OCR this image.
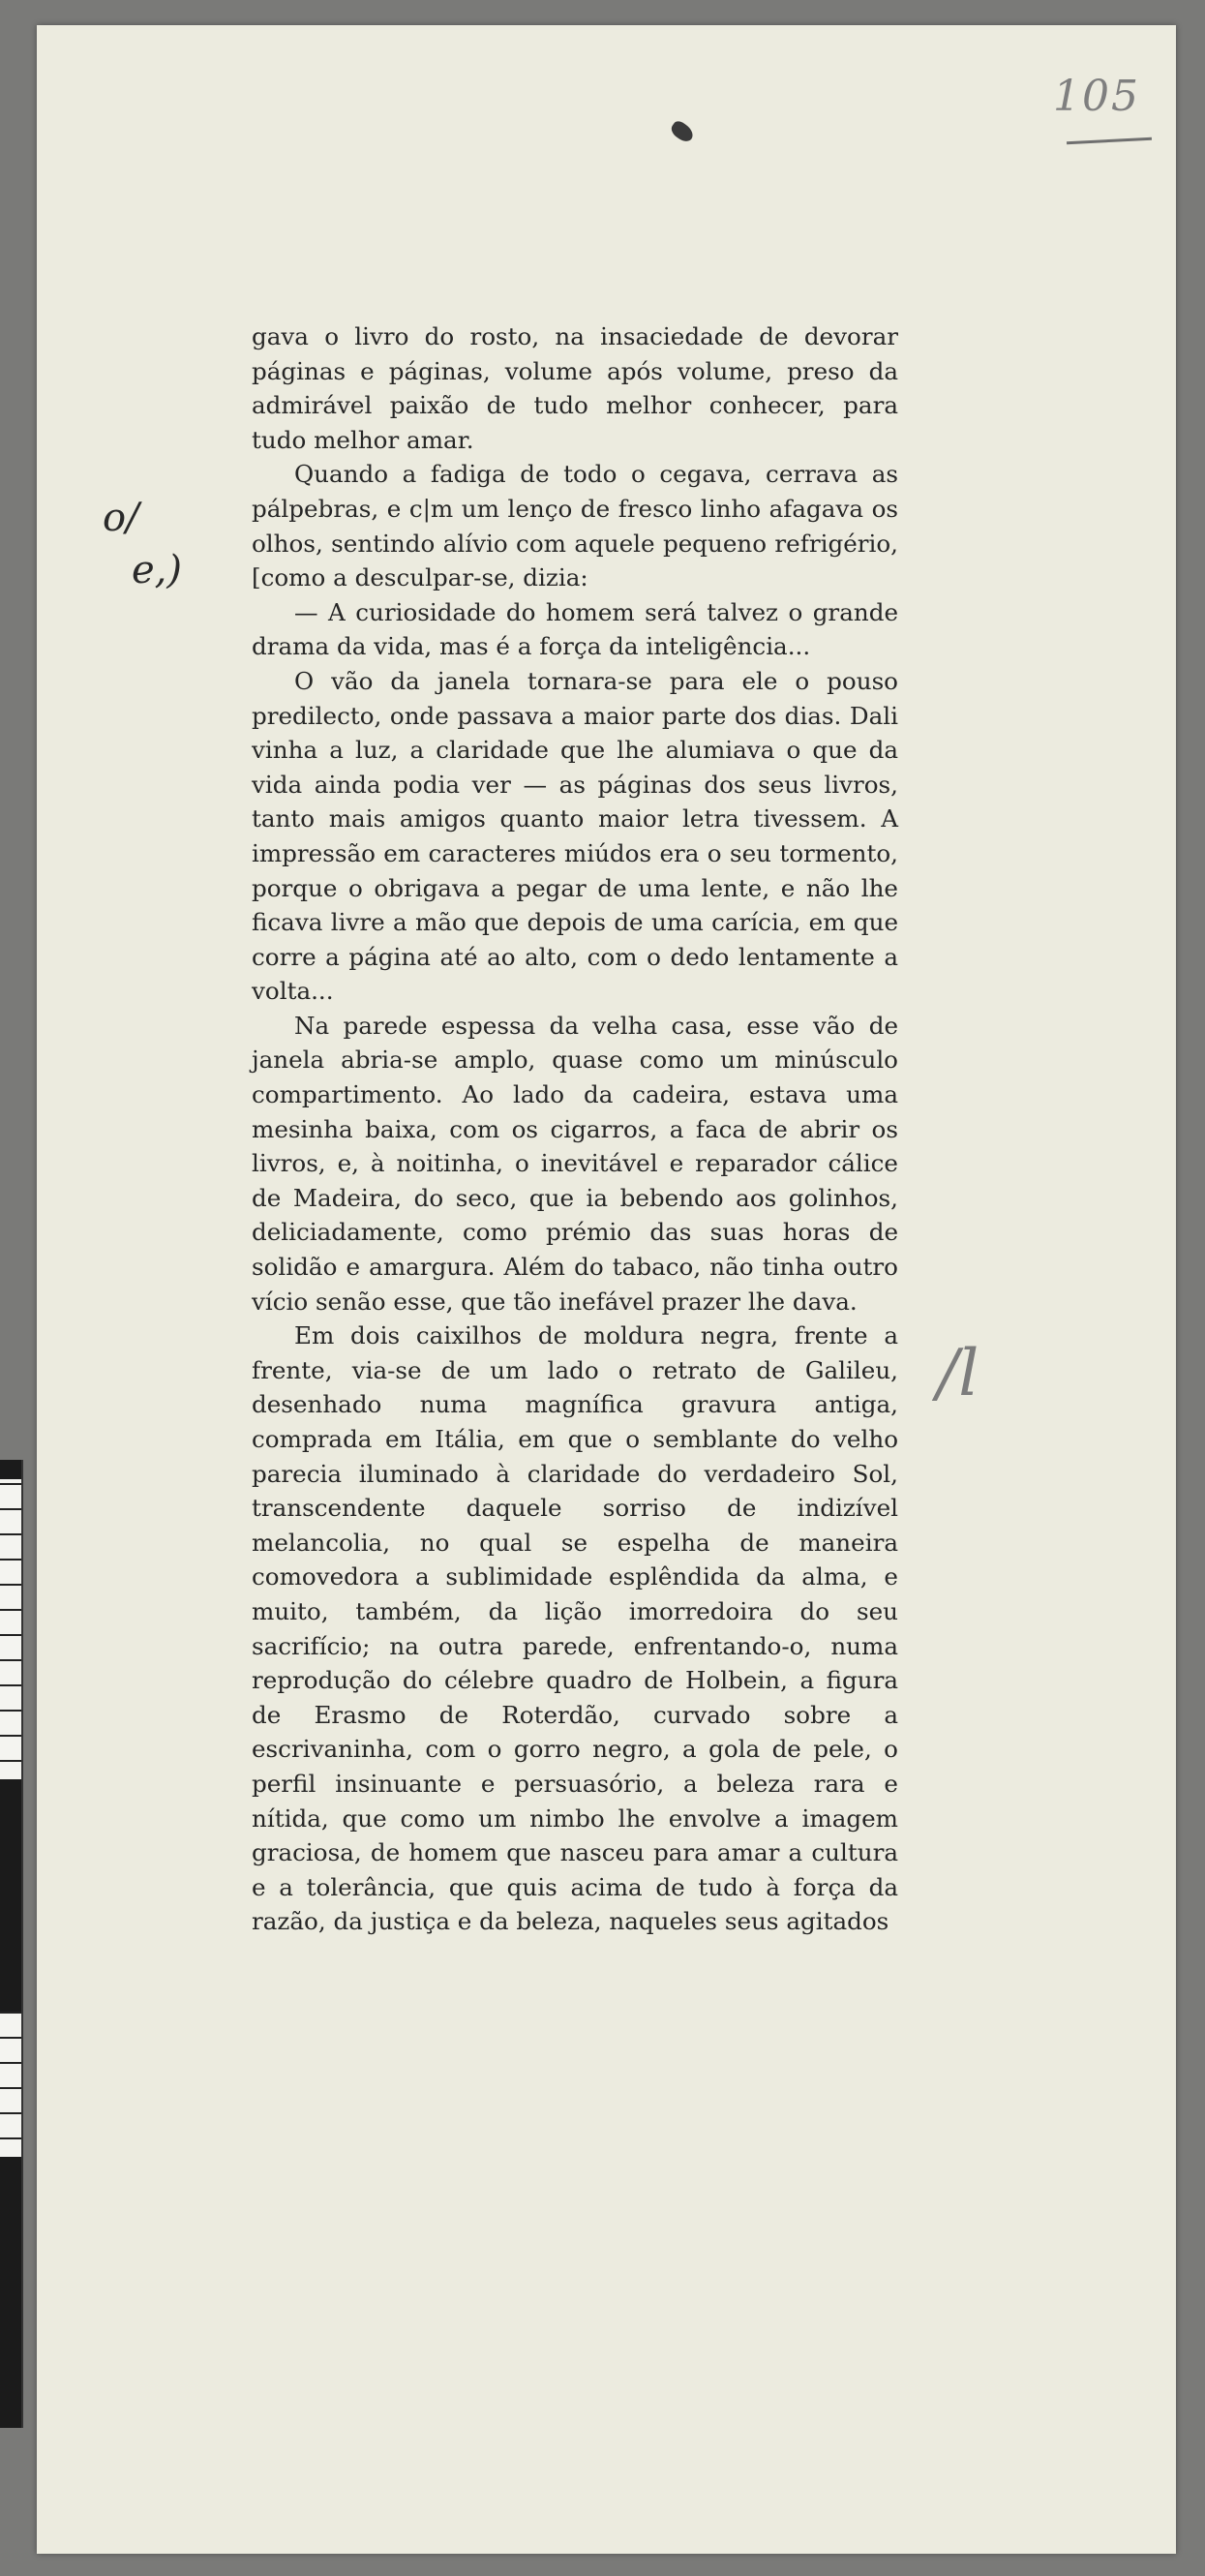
105
o/
e,)
/l

gava o livro do rosto, na insaciedade de devorar páginas e páginas, volume após volume, preso da admirável paixão de tudo melhor conhecer, para tudo melhor amar.

Quando a fadiga de todo o cegava, cerrava as pálpebras, e c|m um lenço de fresco linho afagava os olhos, sentindo alívio com aquele pequeno refrigério, [como a desculpar-se, dizia:

— A curiosidade do homem será talvez o grande drama da vida, mas é a força da inteligência...

O vão da janela tornara-se para ele o pouso predilecto, onde passava a maior parte dos dias. Dali vinha a luz, a claridade que lhe alumiava o que da vida ainda podia ver — as páginas dos seus livros, tanto mais amigos quanto maior letra tivessem. A impressão em caracteres miúdos era o seu tormento, porque o obrigava a pegar de uma lente, e não lhe ficava livre a mão que depois de uma carícia, em que corre a página até ao alto, com o dedo lentamente a volta...

Na parede espessa da velha casa, esse vão de janela abria-se amplo, quase como um minúsculo compartimento. Ao lado da cadeira, estava uma mesinha baixa, com os cigarros, a faca de abrir os livros, e, à noitinha, o inevitável e reparador cálice de Madeira, do seco, que ia bebendo aos golinhos, deliciadamente, como prémio das suas horas de solidão e amargura. Além do tabaco, não tinha outro vício senão esse, que tão inefável prazer lhe dava.

Em dois caixilhos de moldura negra, frente a frente, via-se de um lado o retrato de Galileu, desenhado numa magnífica gravura antiga, comprada em Itália, em que o semblante do velho parecia iluminado à claridade do verdadeiro Sol, transcendente daquele sorriso de indizível melancolia, no qual se espelha de maneira comovedora a sublimidade esplêndida da alma, e muito, também, da lição imorredoira do seu sacrifício; na outra parede, enfrentando-o, numa reprodução do célebre quadro de Holbein, a figura de Erasmo de Roterdão, curvado sobre a escrivaninha, com o gorro negro, a gola de pele, o perfil insinuante e persuasório, a beleza rara e nítida, que como um nimbo lhe envolve a imagem graciosa, de homem que nasceu para amar a cultura e a tolerância, que quis acima de tudo à força da razão, da justiça e da beleza, naqueles seus agitados
